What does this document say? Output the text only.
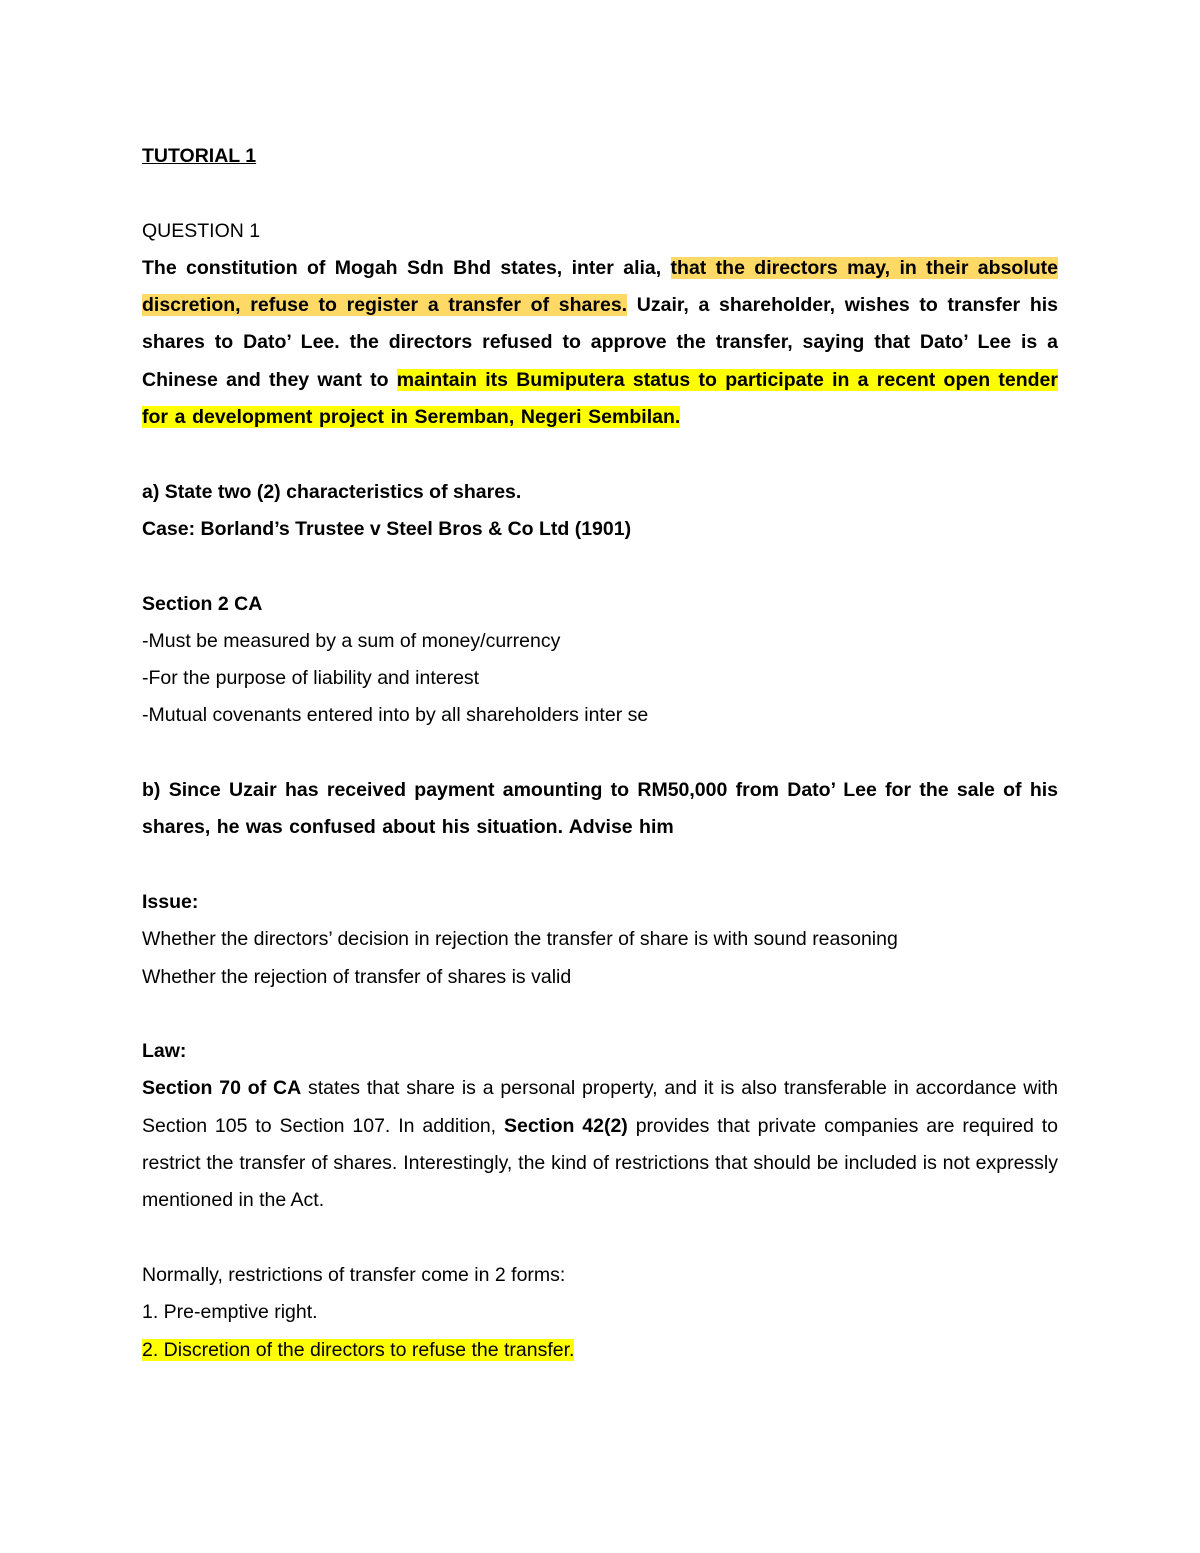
TUTORIAL 1

QUESTION 1

The constitution of Mogah Sdn Bhd states, inter alia, that the directors may, in their absolute discretion, refuse to register a transfer of shares. Uzair, a shareholder, wishes to transfer his shares to Dato’ Lee. the directors refused to approve the transfer, saying that Dato’ Lee is a Chinese and they want to maintain its Bumiputera status to participate in a recent open tender for a development project in Seremban, Negeri Sembilan.

a) State two (2) characteristics of shares.

Case: Borland’s Trustee v Steel Bros & Co Ltd (1901)

Section 2 CA

-Must be measured by a sum of money/currency

-For the purpose of liability and interest

-Mutual covenants entered into by all shareholders inter se

b) Since Uzair has received payment amounting to RM50,000 from Dato’ Lee for the sale of his shares, he was confused about his situation. Advise him

Issue:

Whether the directors’ decision in rejection the transfer of share is with sound reasoning

Whether the rejection of transfer of shares is valid

Law:

Section 70 of CA states that share is a personal property, and it is also transferable in accordance with Section 105 to Section 107. In addition, Section 42(2) provides that private companies are required to restrict the transfer of shares. Interestingly, the kind of restrictions that should be included is not expressly mentioned in the Act.

Normally, restrictions of transfer come in 2 forms:

1. Pre-emptive right.

2. Discretion of the directors to refuse the transfer.
